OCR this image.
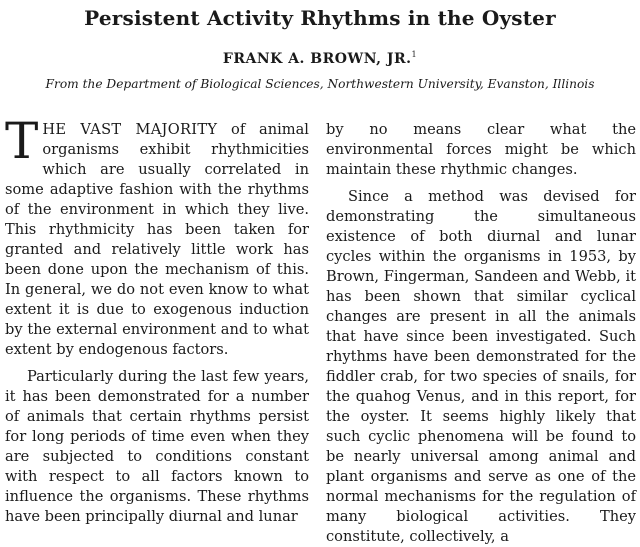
Persistent Activity Rhythms in the Oyster
FRANK A. BROWN, JR.$^1$
From the Department of Biological Sciences, Northwestern University, Evanston, Illinois

THE VAST MAJORITY of animal organisms exhibit rhythmicities which are usually correlated in some adaptive fashion with the rhythms of the environment in which they live. This rhythmicity has been taken for granted and relatively little work has been done upon the mechanism of this. In general, we do not even know to what extent it is due to exogenous induction by the external environment and to what extent by endogenous factors.

Particularly during the last few years, it has been demonstrated for a number of animals that certain rhythms persist for long periods of time even when they are subjected to conditions constant with respect to all factors known to influence the organisms. These rhythms have been principally diurnal and lunar

by no means clear what the environmental forces might be which maintain these rhythmic changes.

Since a method was devised for demonstrating the simultaneous existence of both diurnal and lunar cycles within the organisms in 1953, by Brown, Fingerman, Sandeen and Webb, it has been shown that similar cyclical changes are present in all the animals that have since been investigated. Such rhythms have been demonstrated for the fiddler crab, for two species of snails, for the quahog Venus, and in this report, for the oyster. It seems highly likely that such cyclic phenomena will be found to be nearly universal among animal and plant organisms and serve as one of the normal mechanisms for the regulation of many biological activities. They constitute, collectively, a
